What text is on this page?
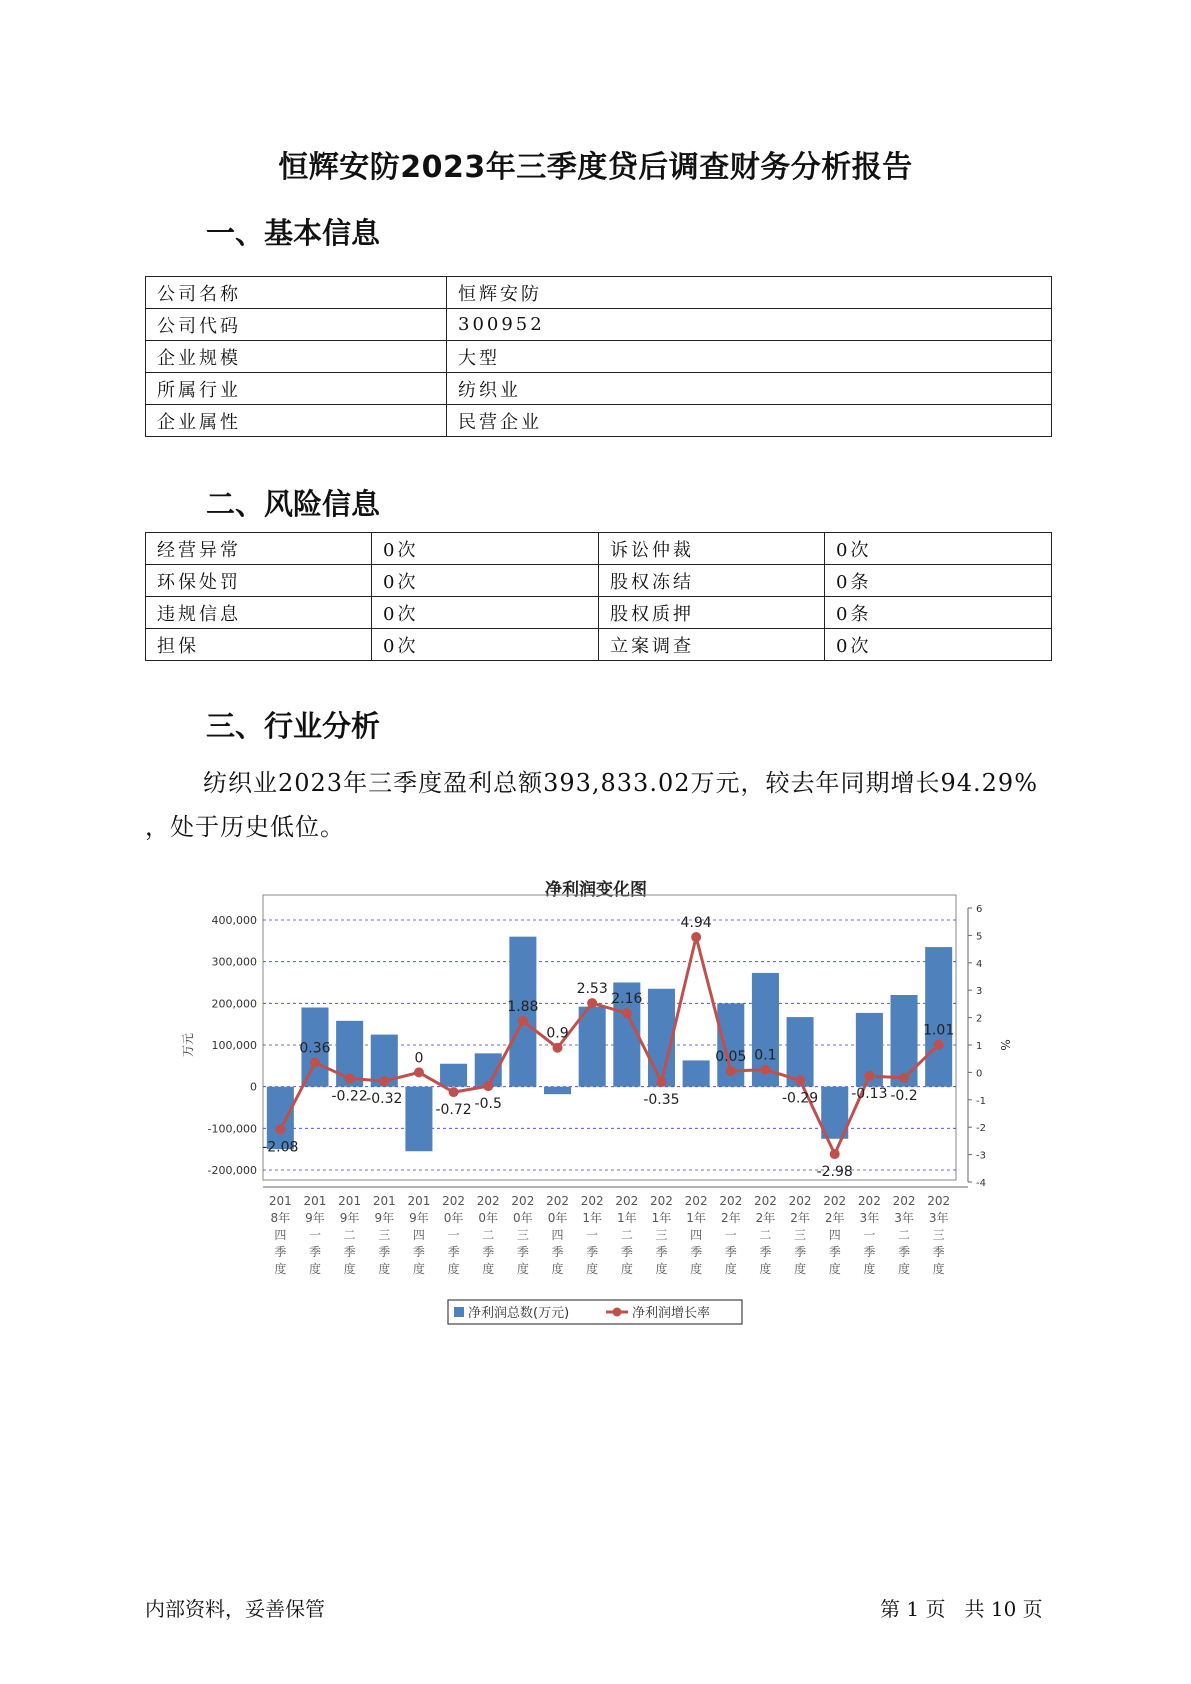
恒辉安防2023年三季度贷后调查财务分析报告
一、基本信息
公司名称	恒辉安防
公司代码	300952
企业规模	大型
所属行业	纺织业
企业属性	民营企业
二、风险信息
经营异常	0次	诉讼仲裁	0次
环保处罚	0次	股权冻结	0条
违规信息	0次	股权质押	0条
担保	0次	立案调查	0次
三、行业分析
纺织业2023年三季度盈利总额393,833.02万元，较去年同期增长94.29%
，处于历史低位。
净利润变化图
400,000
300,000
200,000
100,000
0
-100,000
-200,000
6
5
4
3
2
1
0
-1
-2
-3
-4
万元	%
-2.08
0.36
-0.22
-0.32
0
-0.72 -0.5
1.88
0.9
2.53
2.16
-0.35
4.94
0.05 0.1
-0.29
-2.98
-0.13 -0.2
1.01
201
8年
四
季
度
201
9年
一
季
度
201
9年
二
季
度
201
9年
三
季
度
201
9年
四
季
度
202
0年
一
季
度
202
0年
二
季
度
202
0年
三
季
度
202
0年
四
季
度
202
1年
一
季
度
202
1年
二
季
度
202
1年
三
季
度
202
1年
四
季
度
202
2年
一
季
度
202
2年
二
季
度
202
2年
三
季
度
202
2年
四
季
度
202
3年
一
季
度
202
3年
二
季
度
202
3年
三
季
度
净利润总数(万元)	净利润增长率
内部资料，妥善保管	第 1 页   共 10 页
